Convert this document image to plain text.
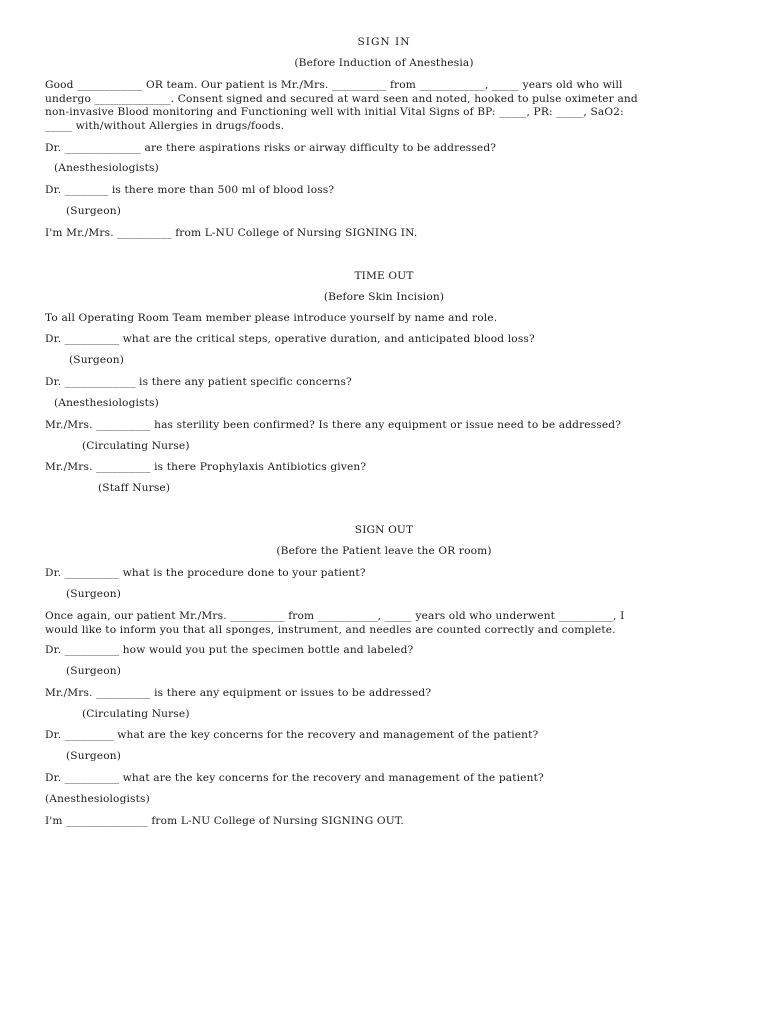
SIGN IN

(Before Induction of Anesthesia)

Good ____________ OR team. Our patient is Mr./Mrs. __________ from ____________, _____ years old who will

undergo ______________. Consent signed and secured at ward seen and noted, hooked to pulse oximeter and

non-invasive Blood monitoring and Functioning well with initial Vital Signs of BP: _____, PR: _____, SaO2:

_____ with/without Allergies in drugs/foods.

Dr. ______________ are there aspirations risks or airway difficulty to be addressed?

(Anesthesiologists)

Dr. ________ is there more than 500 ml of blood loss?

(Surgeon)

I'm Mr./Mrs. __________ from L-NU College of Nursing SIGNING IN.

TIME OUT

(Before Skin Incision)

To all Operating Room Team member please introduce yourself by name and role.

Dr. __________ what are the critical steps, operative duration, and anticipated blood loss?

(Surgeon)

Dr. _____________ is there any patient specific concerns?

(Anesthesiologists)

Mr./Mrs. __________ has sterility been confirmed? Is there any equipment or issue need to be addressed?

(Circulating Nurse)

Mr./Mrs. __________ is there Prophylaxis Antibiotics given?

(Staff Nurse)

SIGN OUT

(Before the Patient leave the OR room)

Dr. __________ what is the procedure done to your patient?

(Surgeon)

Once again, our patient Mr./Mrs. __________ from ___________, _____ years old who underwent __________, I

would like to inform you that all sponges, instrument, and needles are counted correctly and complete.

Dr. __________ how would you put the specimen bottle and labeled?

(Surgeon)

Mr./Mrs. __________ is there any equipment or issues to be addressed?

(Circulating Nurse)

Dr. _________ what are the key concerns for the recovery and management of the patient?

(Surgeon)

Dr. __________ what are the key concerns for the recovery and management of the patient?

(Anesthesiologists)

I'm _______________ from L-NU College of Nursing SIGNING OUT.
